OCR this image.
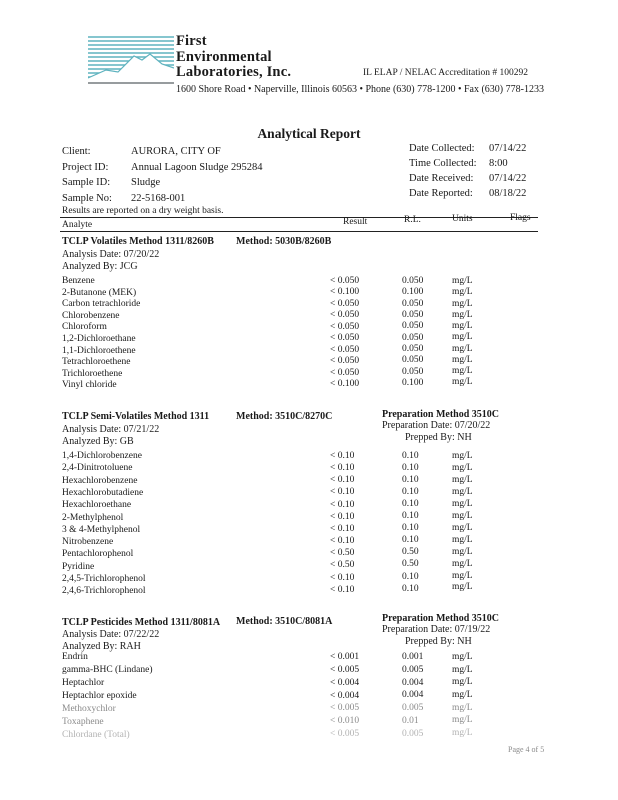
First
Environmental
Laboratories, Inc.	IL ELAP / NELAC Accreditation # 100292
1600 Shore Road • Naperville, Illinois 60563 • Phone (630) 778-1200 • Fax (630) 778-1233
Analytical Report
Client:	AURORA, CITY OF
Project ID: Annual Lagoon Sludge 295284
Sample ID: Sludge
Sample No: 22-5168-001
Date Collected: 07/14/22
Time Collected: 8:00
Date Received: 07/14/22
Date Reported: 08/18/22
Results are reported on a dry weight basis.
Analyte	Result	R.L.	Units	Flags
TCLP Volatiles Method 1311/8260B Method: 5030B/8260B
Analysis Date: 07/20/22
Analyzed By: JCG
Benzene	< 0.050	0.050	mg/L
2-Butanone (MEK)	< 0.100	0.100	mg/L
Carbon tetrachloride	< 0.050	0.050	mg/L
Chlorobenzene	< 0.050	0.050	mg/L
Chloroform	< 0.050	0.050	mg/L
1,2-Dichloroethane	< 0.050	0.050	mg/L
1,1-Dichloroethene	< 0.050	0.050	mg/L
Tetrachloroethene	< 0.050	0.050	mg/L
Trichloroethene	< 0.050	0.050	mg/L
Vinyl chloride	< 0.100	0.100	mg/L
TCLP Semi-Volatiles Method 1311	Method: 3510C/8270C	Preparation Method 3510C
Analysis Date: 07/21/22	Preparation Date: 07/20/22
Analyzed By: GB	Prepped By: NH
1,4-Dichlorobenzene	< 0.10	0.10	mg/L
2,4-Dinitrotoluene	< 0.10	0.10	mg/L
Hexachlorobenzene	< 0.10	0.10	mg/L
Hexachlorobutadiene	< 0.10	0.10	mg/L
Hexachloroethane	< 0.10	0.10	mg/L
2-Methylphenol	< 0.10	0.10	mg/L
3 & 4-Methylphenol	< 0.10	0.10	mg/L
Nitrobenzene	< 0.10	0.10	mg/L
Pentachlorophenol	< 0.50	0.50	mg/L
Pyridine	< 0.50	0.50	mg/L
2,4,5-Trichlorophenol	< 0.10	0.10	mg/L
2,4,6-Trichlorophenol	< 0.10	0.10	mg/L
TCLP Pesticides Method 1311/8081A Method: 3510C/8081A	Preparation Method 3510C
Analysis Date: 07/22/22	Preparation Date: 07/19/22
Analyzed By: RAH	Prepped By: NH
Endrin	< 0.001	0.001	mg/L
gamma-BHC (Lindane)	< 0.005	0.005	mg/L
Heptachlor	< 0.004	0.004	mg/L
Heptachlor epoxide	< 0.004	0.004	mg/L
Methoxychlor	< 0.005	0.005	mg/L
Toxaphene	< 0.010	0.01	mg/L
Chlordane (Total)	< 0.005	0.005	mg/L
Page 4 of 5
